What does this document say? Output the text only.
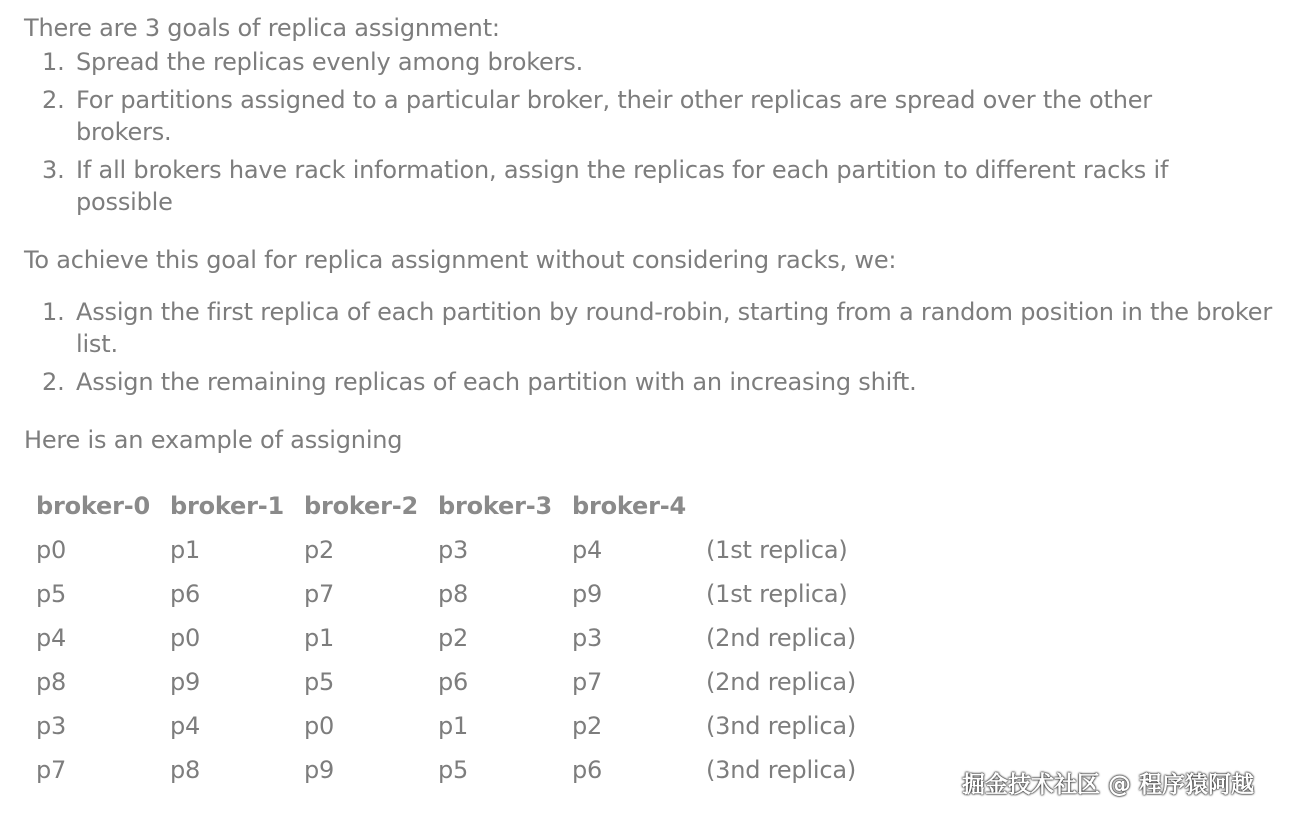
There are 3 goals of replica assignment:

1. Spread the replicas evenly among brokers.
2. For partitions assigned to a particular broker, their other replicas are spread over the other brokers.
3. If all brokers have rack information, assign the replicas for each partition to different racks if possible

To achieve this goal for replica assignment without considering racks, we:

1. Assign the first replica of each partition by round-robin, starting from a random position in the broker list.
2. Assign the remaining replicas of each partition with an increasing shift.

Here is an example of assigning

broker-0	broker-1	broker-2	broker-3	broker-4	
p0	p1	p2	p3	p4	(1st replica)
p5	p6	p7	p8	p9	(1st replica)
p4	p0	p1	p2	p3	(2nd replica)
p8	p9	p5	p6	p7	(2nd replica)
p3	p4	p0	p1	p2	(3nd replica)
p7	p8	p9	p5	p6	(3nd replica)
掘金技术社区 @ 程序猿阿越
